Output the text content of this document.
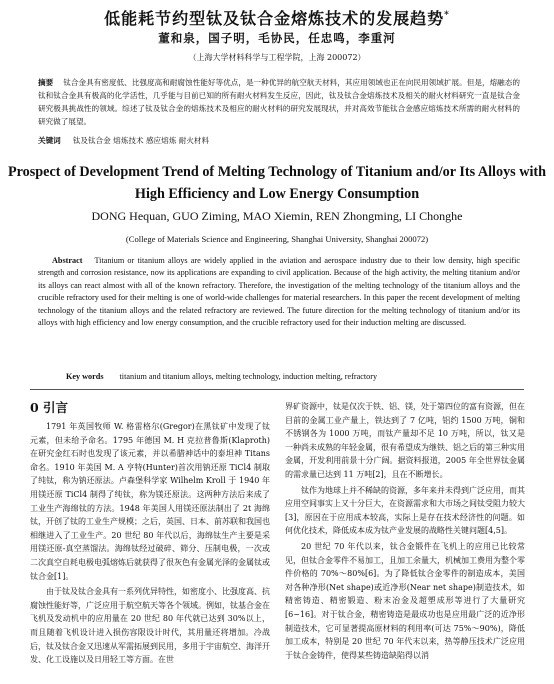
低能耗节约型钛及钛合金熔炼技术的发展趋势*
董和泉，国子明，毛协民，任忠鸣，李重河
（上海大学材料科学与工程学院，上海 200072）
摘要 钛合金具有密度低、比强度高和耐腐蚀性能好等优点，是一种优异的航空航天材料，其应用领域也正在向民用领域扩展。但是，熔融态的钛和钛合金具有极高的化学活性，几乎能与目前已知的所有耐火材料发生反应，因此，钛及钛合金熔炼技术及相关的耐火材料研究一直是钛合金研究极具挑战性的领域。综述了钛及钛合金的熔炼技术及相应的耐火材料的研究发展现状，并对高效节能钛合金感应熔炼技术所需的耐火材料的研究做了展望。
关键词 钛及钛合金 熔炼技术 感应熔炼 耐火材料
Prospect of Development Trend of Melting Technology of Titanium and/or Its Alloys with High Efficiency and Low Energy Consumption
DONG Hequan, GUO Ziming, MAO Xiemin, REN Zhongming, LI Chonghe
(College of Materials Science and Engineering, Shanghai University, Shanghai 200072)
Abstract Titanium or titanium alloys are widely applied in the aviation and aerospace industry due to their low density, high specific strength and corrosion resistance, now its applications are expanding to civil application. Because of the high activity, the melting titanium and/or its alloys can react almost with all of the known refractory. Therefore, the investigation of the melting technology of the titanium alloys and the crucible refractory used for their melting is one of world-wide challenges for material researchers. In this paper the recent development of melting technology of the titanium alloys and the related refractory are reviewed. The future direction for the melting technology of titanium and/or its alloys with high efficiency and low energy consumption, and the crucible refractory used for their induction melting are discussed.
Key words titanium and titanium alloys, melting technology, induction melting, refractory
0 引言

1791 年英国牧师 W. 格雷格尔(Gregor)在黑钛矿中发现了钛元素，但未给予命名。1795 年德国 M. H 克拉普鲁斯(Klaproth)在研究金红石时也发现了该元素，并以希腊神话中的泰坦神 Titans 命名。1910 年美国 M. A 亨特(Hunter)首次用钠还原 TiCl4 制取了纯钛，称为钠还原法。卢森堡科学家 Wilhelm Kroll 于 1940 年用镁还原 TiCl4 制得了纯钛，称为镁还原法。这两种方法后来成了工业生产海绵钛的方法。1948 年美国人用镁还原法制出了 2t 海绵钛，开创了钛的工业生产规模；之后，英国、日本、前苏联和我国也相继进入了工业生产。20 世纪 80 年代以后，海绵钛生产主要是采用镁还原-真空蒸馏法。海绵钛经过破碎、筛分、压制电极，一次或二次真空自耗电极电弧熔炼后就获得了很灰色有金属光泽的金属钛或钛合金[1]。

由于钛及钛合金具有一系列优异特性，如密度小、比强度高、抗腐蚀性能好等，广泛应用于航空航天等各个领域。例如，钛基合金在飞机及发动机中的应用量在 20 世纪 80 年代就已达到 30%以上，而且随着飞机设计进入损伤容限设计时代，其用量还将增加。冷战后，钛及钛合金又迅速从军需拓展到民用，多用于宇宙航空、海洋开发、化工设施以及日用轻工等方面。在世

界矿资源中，钛是仅次于铁、铝、镁，处于第四位的富有资源，但在目前的金属工业产量上，铁达到了 7 亿吨，铝约 1500 万吨，铜和不锈钢各为 1000 万吨，而钛产量却不足 10 万吨，所以，钛又是一种尚未成熟的年轻金属，很有希望成为继铁、铝之后的第三种实用金属，开发利用前景十分广阔。据资料报道，2005 年全世界钛金属的需求量已达到 11 万吨[2]，且在不断增长。

钛作为地球上并不稀缺的资源，多年来并未得到广泛应用，而其应用空间事实上又十分巨大，在资源需求和大市场之间钛受阻力较大[3]，原因在于应用成本较高，实际上是存在技术经济性的问题。如何优化技术，降低成本成为钛产业发展的战略性关键问题[4,5]。

20 世纪 70 年代以来，钛合金锻件在飞机上的应用已比较常见，但钛合金零件不易加工，且加工余量大，机械加工费用为整个零件价格的 70%～80%[6]。为了降低钛合金零件的制造成本，美国对各种净形(Net shape)或近净形(Near net shape)制造技术，如精密铸造、精密锻造、粉末冶金及超塑成形等进行了大量研究[6~16]。对于钛合金，精密铸造是最成功也是应用最广泛的近净形制造技术，它可显著提高原材料的利用率(可达 75%～90%)，降低加工成本，特别是 20 世纪 70 年代末以来，热等静压技术广泛应用于钛合金铸件，使得某些铸造缺陷得以消
